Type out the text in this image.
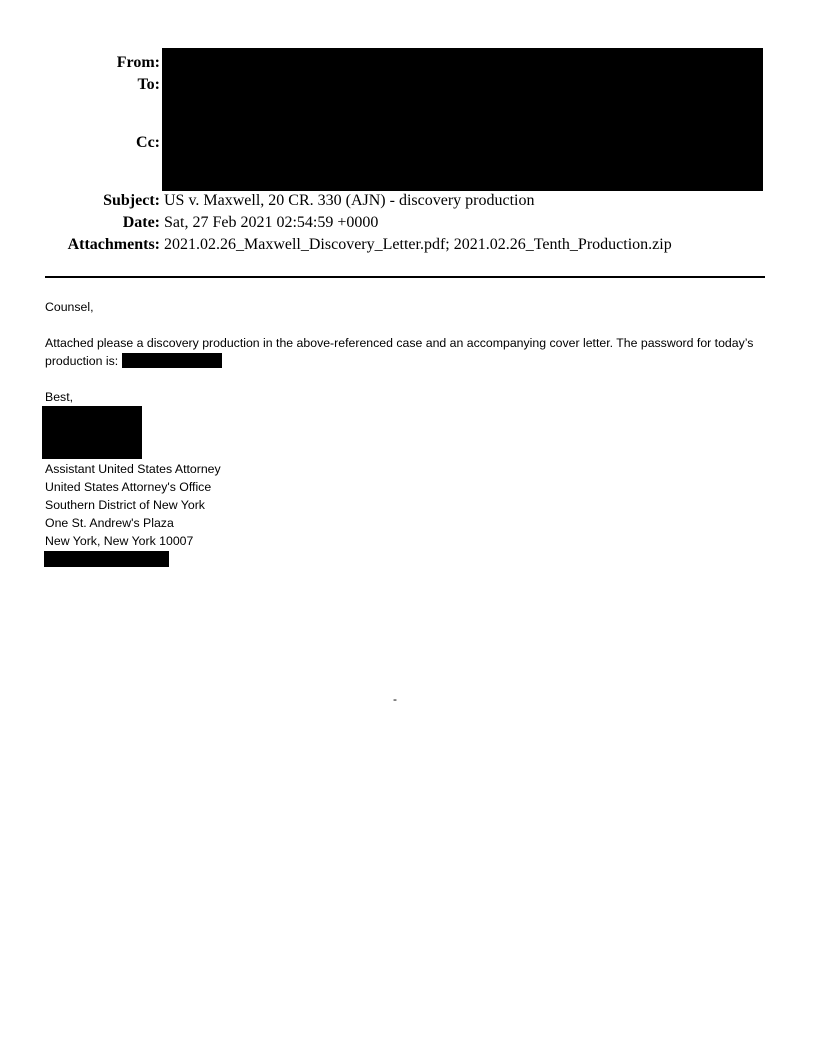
From:
To:
Cc:
Subject: US v. Maxwell, 20 CR. 330 (AJN) - discovery production
Date: Sat, 27 Feb 2021 02:54:59 +0000
Attachments: 2021.02.26_Maxwell_Discovery_Letter.pdf; 2021.02.26_Tenth_Production.zip
Counsel,
Attached please a discovery production in the above-referenced case and an accompanying cover letter. The password for today’s production is:
Best,
Assistant United States Attorney
United States Attorney's Office
Southern District of New York
One St. Andrew's Plaza
New York, New York 10007
-
